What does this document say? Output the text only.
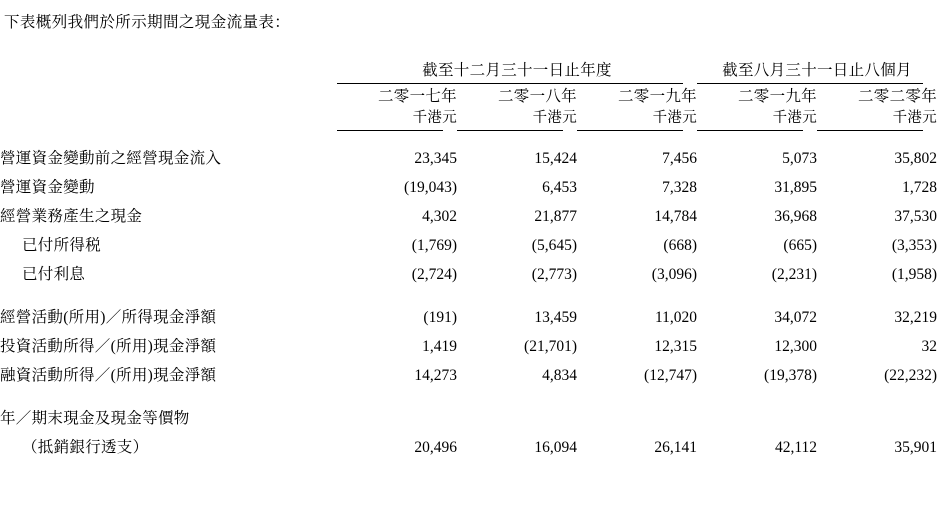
下表概列我們於所示期間之現金流量表：
	截至十二月三十一日止年度			截至八月三十一日止八個月	

	二零一七年	二零一八年	二零一九年	二零一九年	二零二零年
	千港元	千港元	千港元	千港元	千港元

營運資金變動前之經營現金流入	23,345	15,424	7,456	5,073	35,802
營運資金變動	(19,043)	6,453	7,328	31,895	1,728
經營業務產生之現金	4,302	21,877	14,784	36,968	37,530
已付所得税	(1,769)	(5,645)	(668)	(665)	(3,353)
已付利息	(2,724)	(2,773)	(3,096)	(2,231)	(1,958)

經營活動(所用)／所得現金淨額	(191)	13,459	11,020	34,072	32,219
投資活動所得／(所用)現金淨額	1,419	(21,701)	12,315	12,300	32
融資活動所得／(所用)現金淨額	14,273	4,834	(12,747)	(19,378)	(22,232)

年／期末現金及現金等價物					
（抵銷銀行透支）	20,496	16,094	26,141	42,112	35,901
